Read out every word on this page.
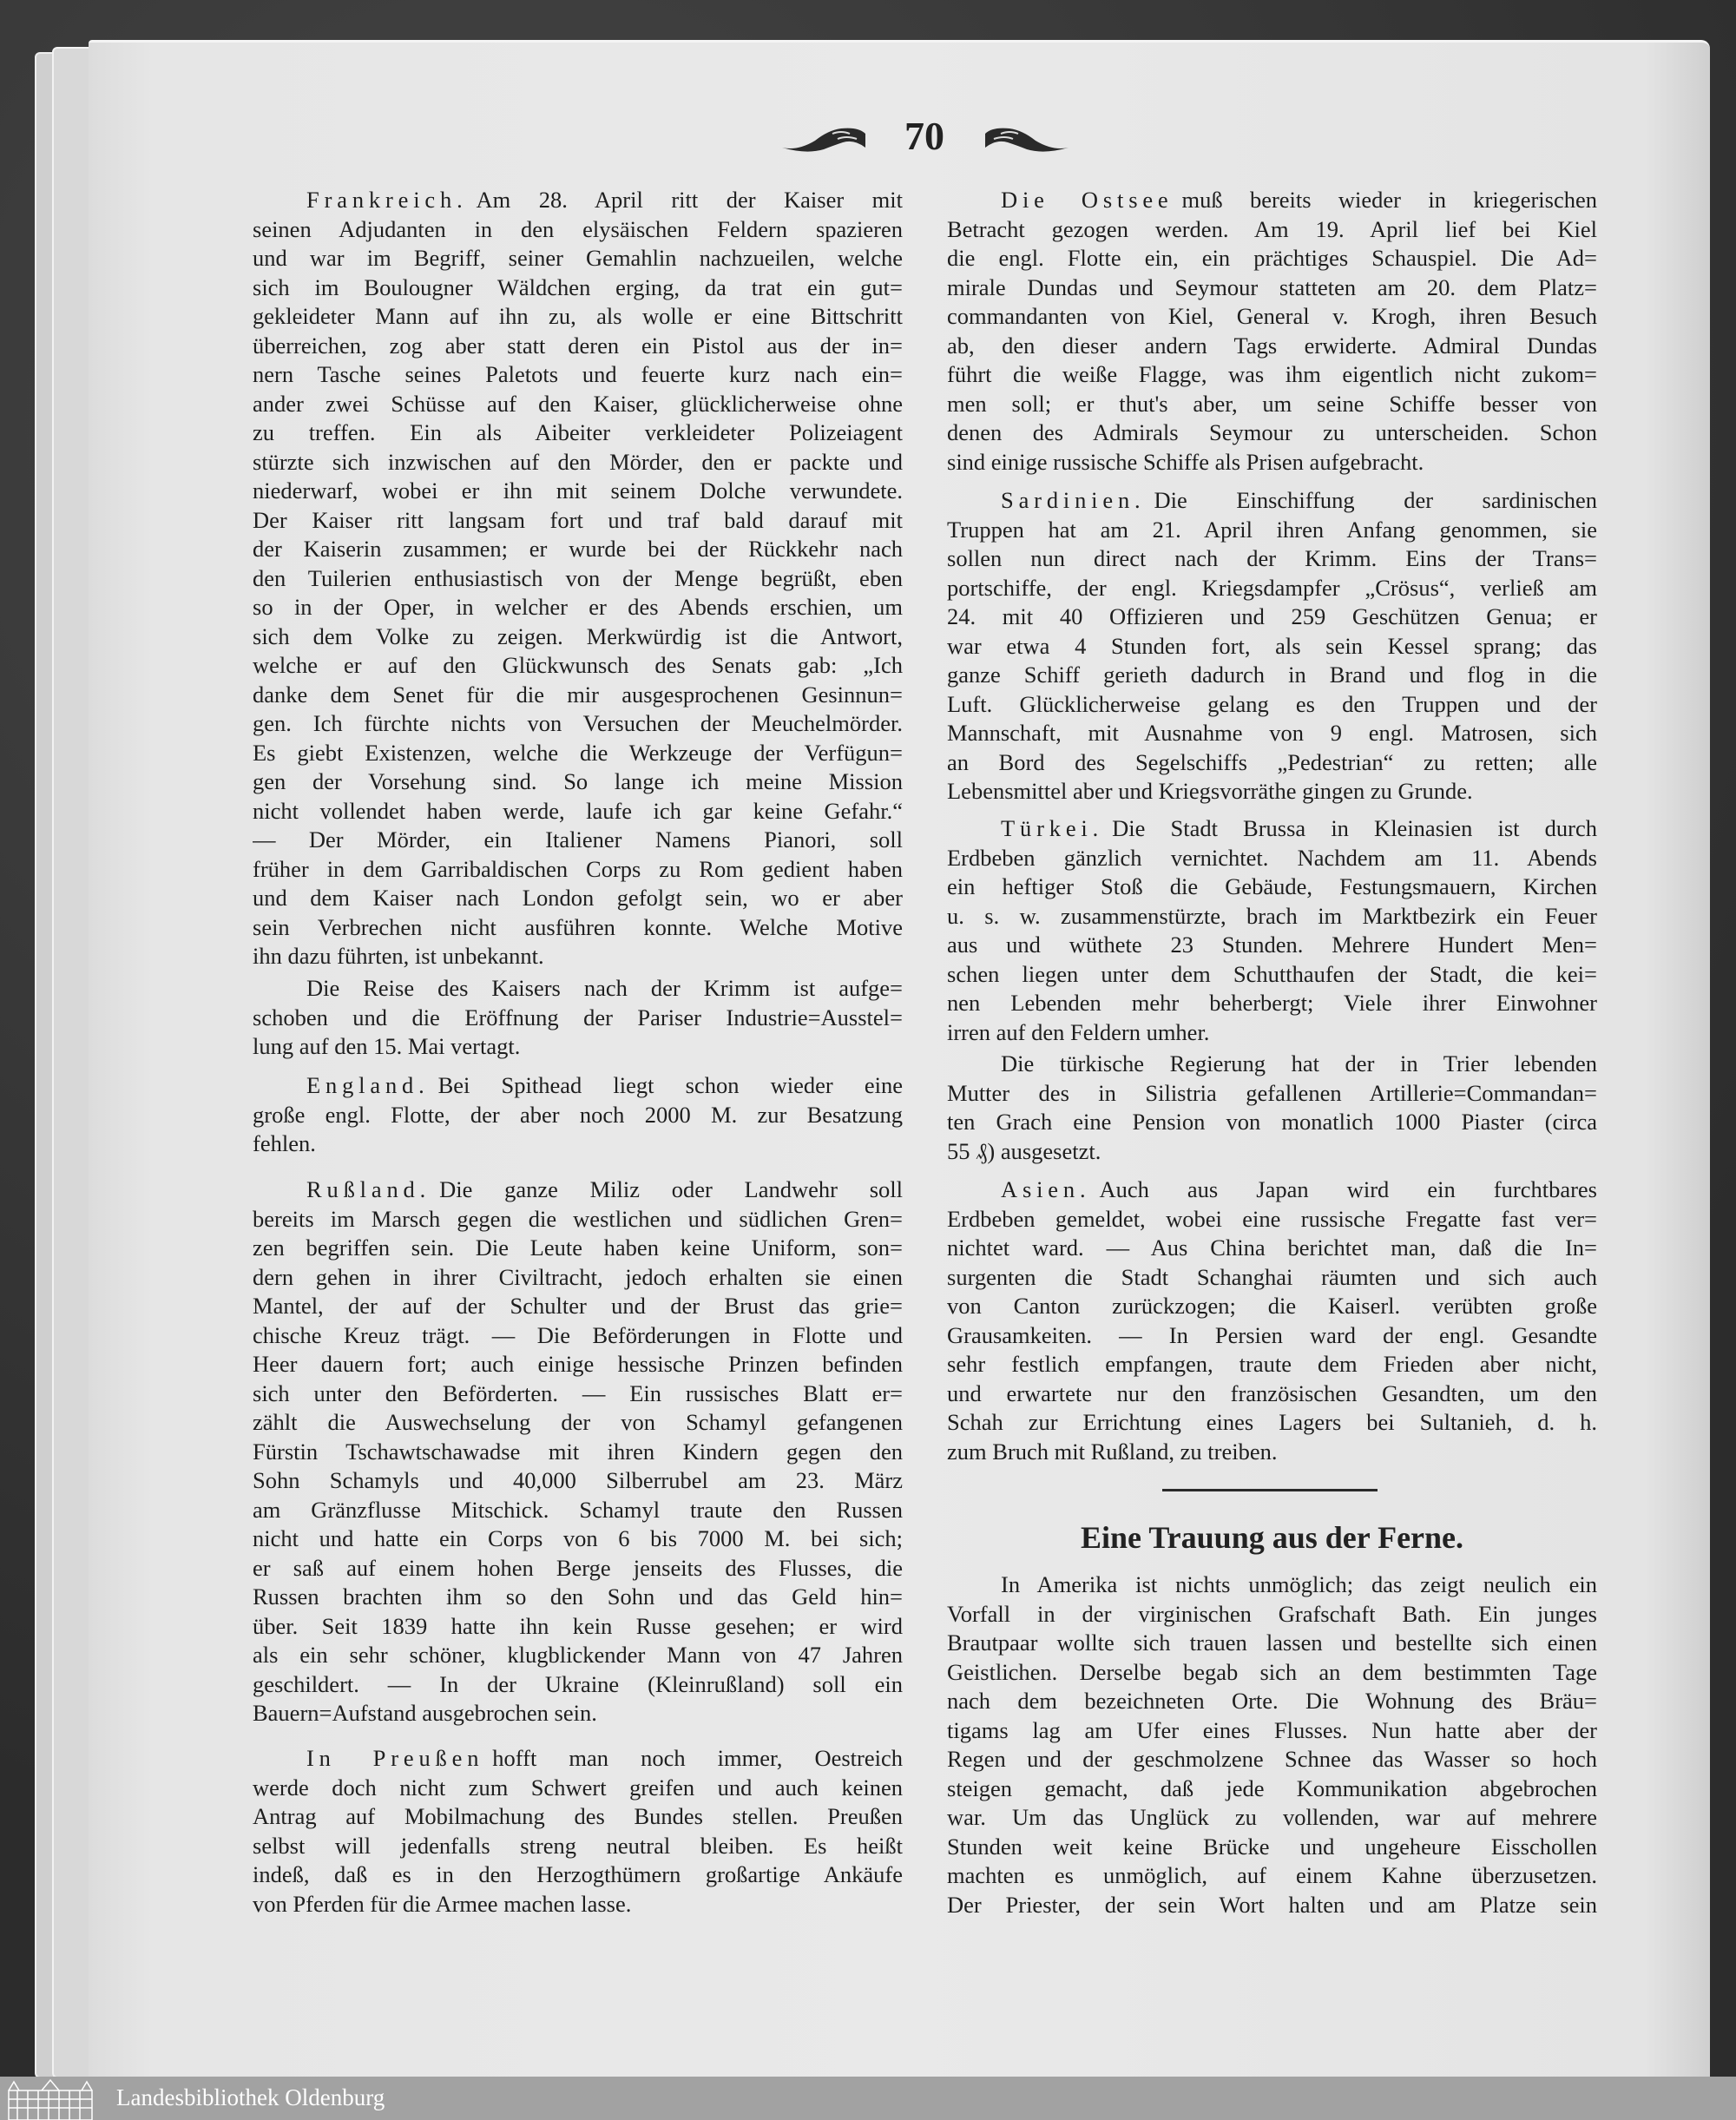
70
Frankreich. Am 28. April ritt der Kaiser mit
seinen Adjudanten in den elysäischen Feldern spazieren
und war im Begriff, seiner Gemahlin nachzueilen, welche
sich im Boulougner Wäldchen erging, da trat ein gut=
gekleideter Mann auf ihn zu, als wolle er eine Bittschritt
überreichen, zog aber statt deren ein Pistol aus der in=
nern Tasche seines Paletots und feuerte kurz nach ein=
ander zwei Schüsse auf den Kaiser, glücklicherweise ohne
zu treffen. Ein als Aibeiter verkleideter Polizeiagent
stürzte sich inzwischen auf den Mörder, den er packte und
niederwarf, wobei er ihn mit seinem Dolche verwundete.
Der Kaiser ritt langsam fort und traf bald darauf mit
der Kaiserin zusammen; er wurde bei der Rückkehr nach
den Tuilerien enthusiastisch von der Menge begrüßt, eben
so in der Oper, in welcher er des Abends erschien, um
sich dem Volke zu zeigen. Merkwürdig ist die Antwort,
welche er auf den Glückwunsch des Senats gab: „Ich
danke dem Senet für die mir ausgesprochenen Gesinnun=
gen. Ich fürchte nichts von Versuchen der Meuchelmörder.
Es giebt Existenzen, welche die Werkzeuge der Verfügun=
gen der Vorsehung sind. So lange ich meine Mission
nicht vollendet haben werde, laufe ich gar keine Gefahr.“
— Der Mörder, ein Italiener Namens Pianori, soll
früher in dem Garribaldischen Corps zu Rom gedient haben
und dem Kaiser nach London gefolgt sein, wo er aber
sein Verbrechen nicht ausführen konnte. Welche Motive
ihn dazu führten, ist unbekannt.
Die Reise des Kaisers nach der Krimm ist aufge=
schoben und die Eröffnung der Pariser Industrie=Ausstel=
lung auf den 15. Mai vertagt.
England. Bei Spithead liegt schon wieder eine
große engl. Flotte, der aber noch 2000 M. zur Besatzung
fehlen.
Rußland. Die ganze Miliz oder Landwehr soll
bereits im Marsch gegen die westlichen und südlichen Gren=
zen begriffen sein. Die Leute haben keine Uniform, son=
dern gehen in ihrer Civiltracht, jedoch erhalten sie einen
Mantel, der auf der Schulter und der Brust das grie=
chische Kreuz trägt. — Die Beförderungen in Flotte und
Heer dauern fort; auch einige hessische Prinzen befinden
sich unter den Beförderten. — Ein russisches Blatt er=
zählt die Auswechselung der von Schamyl gefangenen
Fürstin Tschawtschawadse mit ihren Kindern gegen den
Sohn Schamyls und 40,000 Silberrubel am 23. März
am Gränzflusse Mitschick. Schamyl traute den Russen
nicht und hatte ein Corps von 6 bis 7000 M. bei sich;
er saß auf einem hohen Berge jenseits des Flusses, die
Russen brachten ihm so den Sohn und das Geld hin=
über. Seit 1839 hatte ihn kein Russe gesehen; er wird
als ein sehr schöner, klugblickender Mann von 47 Jahren
geschildert. — In der Ukraine (Kleinrußland) soll ein
Bauern=Aufstand ausgebrochen sein.
In Preußen hofft man noch immer, Oestreich
werde doch nicht zum Schwert greifen und auch keinen
Antrag auf Mobilmachung des Bundes stellen. Preußen
selbst will jedenfalls streng neutral bleiben. Es heißt
indeß, daß es in den Herzogthümern großartige Ankäufe
von Pferden für die Armee machen lasse.
Die Ostsee muß bereits wieder in kriegerischen
Betracht gezogen werden. Am 19. April lief bei Kiel
die engl. Flotte ein, ein prächtiges Schauspiel. Die Ad=
mirale Dundas und Seymour statteten am 20. dem Platz=
commandanten von Kiel, General v. Krogh, ihren Besuch
ab, den dieser andern Tags erwiderte. Admiral Dundas
führt die weiße Flagge, was ihm eigentlich nicht zukom=
men soll; er thut's aber, um seine Schiffe besser von
denen des Admirals Seymour zu unterscheiden. Schon
sind einige russische Schiffe als Prisen aufgebracht.
Sardinien. Die Einschiffung der sardinischen
Truppen hat am 21. April ihren Anfang genommen, sie
sollen nun direct nach der Krimm. Eins der Trans=
portschiffe, der engl. Kriegsdampfer „Crösus“, verließ am
24. mit 40 Offizieren und 259 Geschützen Genua; er
war etwa 4 Stunden fort, als sein Kessel sprang; das
ganze Schiff gerieth dadurch in Brand und flog in die
Luft. Glücklicherweise gelang es den Truppen und der
Mannschaft, mit Ausnahme von 9 engl. Matrosen, sich
an Bord des Segelschiffs „Pedestrian“ zu retten; alle
Lebensmittel aber und Kriegsvorräthe gingen zu Grunde.
Türkei. Die Stadt Brussa in Kleinasien ist durch
Erdbeben gänzlich vernichtet. Nachdem am 11. Abends
ein heftiger Stoß die Gebäude, Festungsmauern, Kirchen
u. s. w. zusammenstürzte, brach im Marktbezirk ein Feuer
aus und wüthete 23 Stunden. Mehrere Hundert Men=
schen liegen unter dem Schutthaufen der Stadt, die kei=
nen Lebenden mehr beherbergt; Viele ihrer Einwohner
irren auf den Feldern umher.
Die türkische Regierung hat der in Trier lebenden
Mutter des in Silistria gefallenen Artillerie=Commandan=
ten Grach eine Pension von monatlich 1000 Piaster (circa
55 ₰) ausgesetzt.
Asien. Auch aus Japan wird ein furchtbares
Erdbeben gemeldet, wobei eine russische Fregatte fast ver=
nichtet ward. — Aus China berichtet man, daß die In=
surgenten die Stadt Schanghai räumten und sich auch
von Canton zurückzogen; die Kaiserl. verübten große
Grausamkeiten. — In Persien ward der engl. Gesandte
sehr festlich empfangen, traute dem Frieden aber nicht,
und erwartete nur den französischen Gesandten, um den
Schah zur Errichtung eines Lagers bei Sultanieh, d. h.
zum Bruch mit Rußland, zu treiben.
In Amerika ist nichts unmöglich; das zeigt neulich ein
Vorfall in der virginischen Grafschaft Bath. Ein junges
Brautpaar wollte sich trauen lassen und bestellte sich einen
Geistlichen. Derselbe begab sich an dem bestimmten Tage
nach dem bezeichneten Orte. Die Wohnung des Bräu=
tigams lag am Ufer eines Flusses. Nun hatte aber der
Regen und der geschmolzene Schnee das Wasser so hoch
steigen gemacht, daß jede Kommunikation abgebrochen
war. Um das Unglück zu vollenden, war auf mehrere
Stunden weit keine Brücke und ungeheure Eisschollen
machten es unmöglich, auf einem Kahne überzusetzen.
Der Priester, der sein Wort halten und am Platze sein
Eine Trauung aus der Ferne.
Landesbibliothek Oldenburg
